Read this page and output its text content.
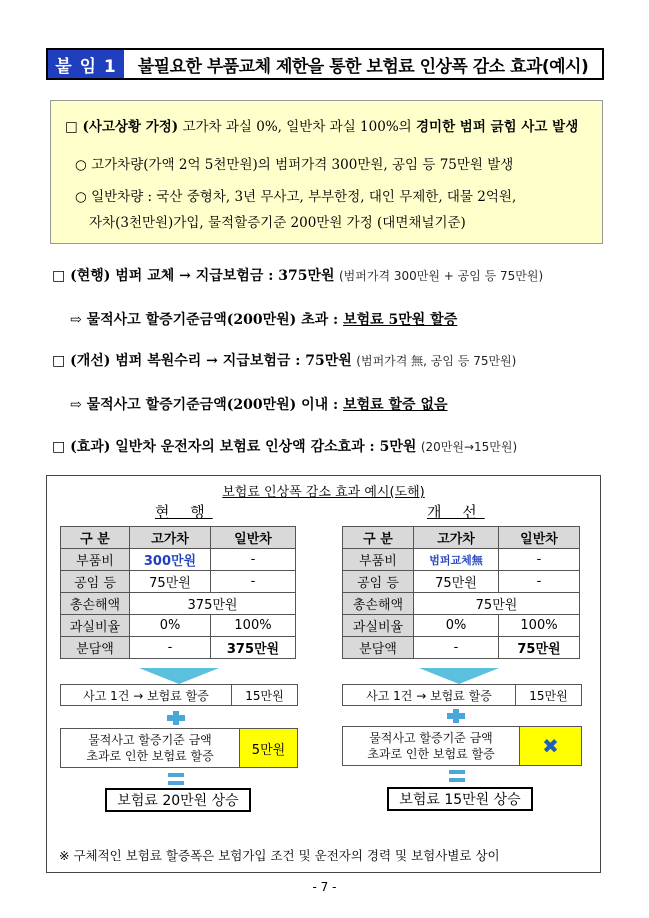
붙 임 1	불필요한 부품교체 제한을 통한 보험료 인상폭 감소 효과(예시)
□ (사고상황 가정) 고가차 과실 0%, 일반차 과실 100%의 경미한 범퍼 긁힘 사고 발생
○ 고가차량(가액 2억 5천만원)의 범퍼가격 300만원, 공임 등 75만원 발생
○ 일반차량 : 국산 중형차, 3년 무사고, 부부한정, 대인 무제한, 대물 2억원,
자차(3천만원)가입, 물적할증기준 200만원 가정 (대면채널기준)
□ (현행) 범퍼 교체 → 지급보험금 : 375만원 (범퍼가격 300만원 + 공임 등 75만원)
⇨ 물적사고 할증기준금액(200만원) 초과 : 보험료 5만원 할증
□ (개선) 범퍼 복원수리 → 지급보험금 : 75만원 (범퍼가격 無, 공임 등 75만원)
⇨ 물적사고 할증기준금액(200만원) 이내 : 보험료 할증 없음
□ (효과) 일반차 운전자의 보험료 인상액 감소효과 : 5만원 (20만원→15만원)
보험료 인상폭 감소 효과 예시(도해)
현 행
구 분	고가차	일반차
부품비	300만원	-
공임 등	75만원	-
총손해액	375만원	
과실비율	0%	100%
분담액	-	375만원
사고 1건 → 보험료 할증	15만원
물적사고 할증기준 금액
초과로 인한 보험료 할증	5만원
보험료 20만원 상승
개 선
구 분	고가차	일반차
부품비	범퍼교체無	-
공임 등	75만원	-
총손해액	75만원	
과실비율	0%	100%
분담액	-	75만원
사고 1건 → 보험료 할증	15만원
물적사고 할증기준 금액
초과로 인한 보험료 할증	✖
보험료 15만원 상승
※ 구체적인 보험료 할증폭은 보험가입 조건 및 운전자의 경력 및 보험사별로 상이
- 7 -
